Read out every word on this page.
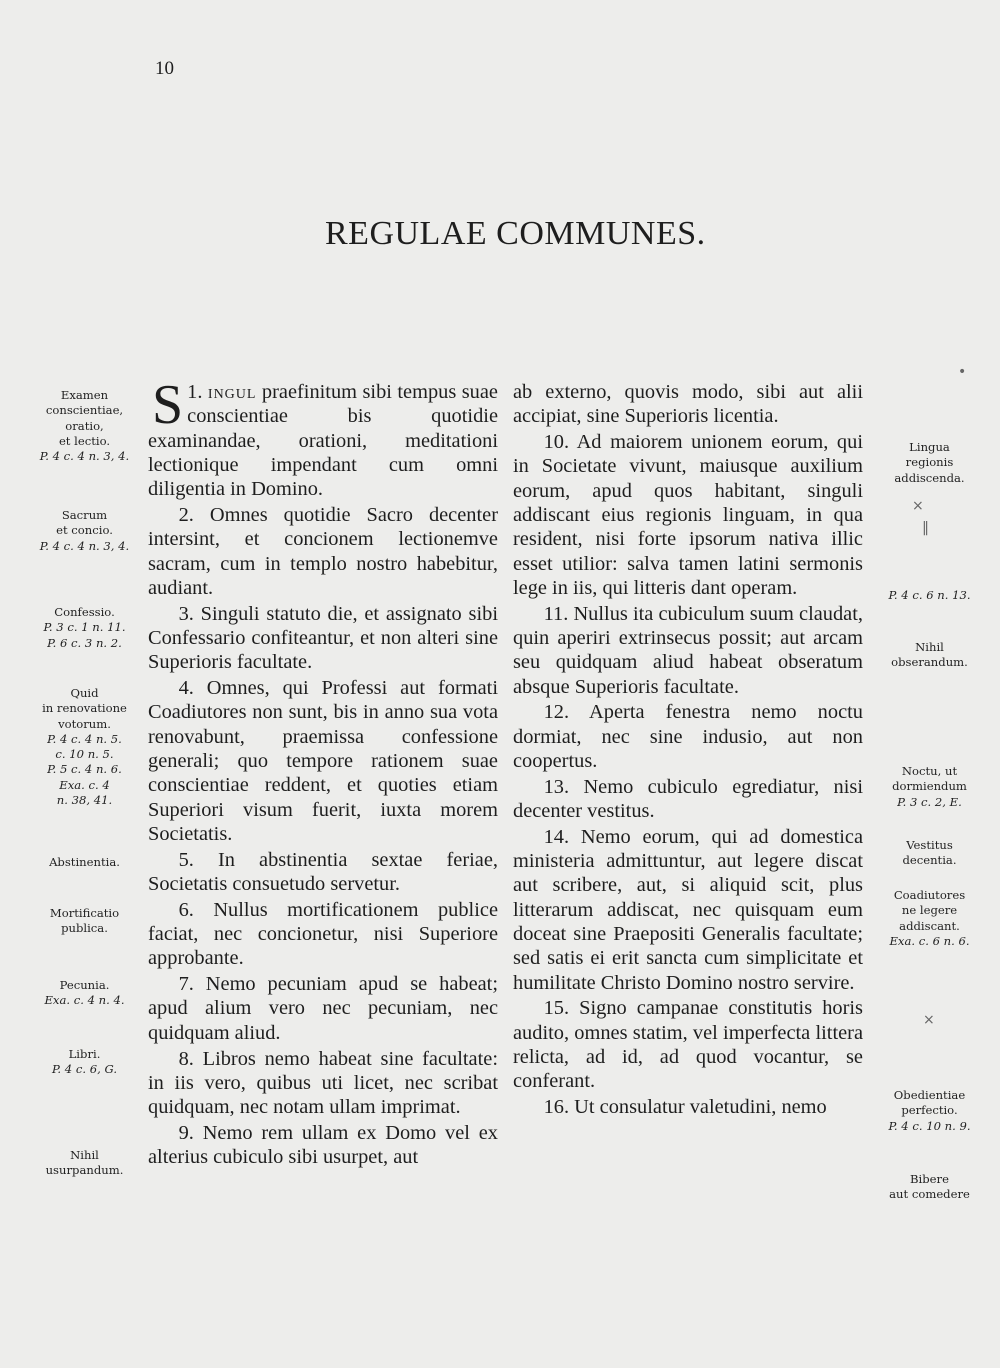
10
REGULAE COMMUNES.

1.
S ingul praefinitum sibi tempus suae conscientiae bis quotidie examinandae, orationi, meditationi lectionique impendant cum omni diligentia in Domino.

2. Omnes quotidie Sacro decenter intersint, et concionem lectionemve sacram, cum in templo nostro habebitur, audiant.

3. Singuli statuto die, et assignato sibi Confessario confiteantur, et non alteri sine Superioris facultate.

4. Omnes, qui Professi aut formati Coadiutores non sunt, bis in anno sua vota renovabunt, praemissa confessione generali; quo tempore rationem suae conscientiae reddent, et quoties etiam Superiori visum fuerit, iuxta morem Societatis.

5. In abstinentia sextae feriae, Societatis consuetudo servetur.

6. Nullus mortificationem publice faciat, nec concionetur, nisi Superiore approbante.

7. Nemo pecuniam apud se habeat; apud alium vero nec pecuniam, nec quidquam aliud.

8. Libros nemo habeat sine facultate: in iis vero, quibus uti licet, nec scribat quidquam, nec notam ullam imprimat.

9. Nemo rem ullam ex Domo vel ex alterius cubiculo sibi usurpet, aut

ab externo, quovis modo, sibi aut alii accipiat, sine Superioris licentia.

10. Ad maiorem unionem eorum, qui in Societate vivunt, maiusque auxilium eorum, apud quos habitant, singuli addiscant eius regionis linguam, in qua resident, nisi forte ipsorum nativa illic esset utilior: salva tamen latini sermonis lege in iis, qui litteris dant operam.

11. Nullus ita cubiculum suum claudat, quin aperiri extrinsecus possit; aut arcam seu quidquam aliud habeat obseratum absque Superioris facultate.

12. Aperta fenestra nemo noctu dormiat, nec sine indusio, aut non coopertus.

13. Nemo cubiculo egrediatur, nisi decenter vestitus.

14. Nemo eorum, qui ad domestica ministeria admittuntur, aut legere discat aut scribere, aut, si aliquid scit, plus litterarum addiscat, nec quisquam eum doceat sine Praepositi Generalis facultate; sed satis ei erit sancta cum simplicitate et humilitate Christo Domino nostro servire.

15. Signo campanae constitutis horis audito, omnes statim, vel imperfecta littera relicta, ad id, ad quod vocantur, se conferant.

16. Ut consulatur valetudini, nemo

Examen
conscientiae,
oratio,
et lectio.
P. 4 c. 4 n. 3, 4.
Sacrum
et concio.
P. 4 c. 4 n. 3, 4.
Confessio.
P. 3 c. 1 n. 11.
P. 6 c. 3 n. 2.
Quid
in renovatione
votorum.
P. 4 c. 4 n. 5.
c. 10 n. 5.
P. 5 c. 4 n. 6.
Exa. c. 4
n. 38, 41.
Abstinentia.
Mortificatio
publica.
Pecunia.
Exa. c. 4 n. 4.
Libri.
P. 4 c. 6, G.
Nihil
usurpandum.
Lingua
regionis
addiscenda.
P. 4 c. 6 n. 13.
Nihil
obserandum.
Noctu, ut
dormiendum
P. 3 c. 2, E.
Vestitus
decentia.
Coadiutores
ne legere
addiscant.
Exa. c. 6 n. 6.
Obedientiae
perfectio.
P. 4 c. 10 n. 9.
Bibere
aut comedere
•
×
‖
×
